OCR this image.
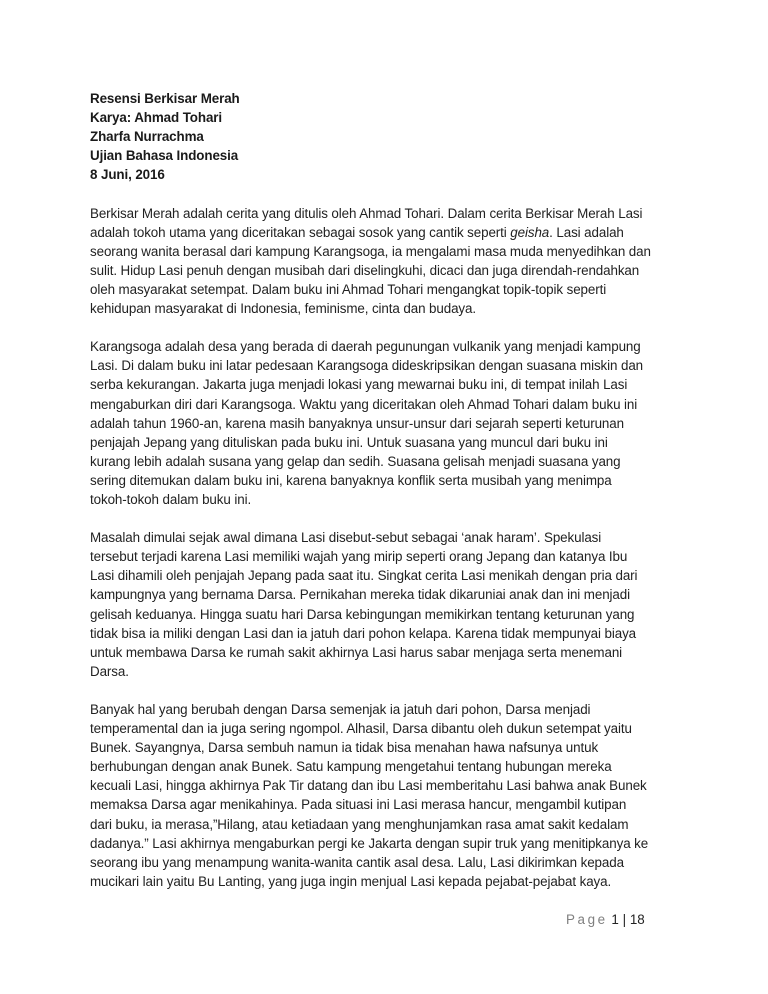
Resensi Berkisar Merah
Karya: Ahmad Tohari
Zharfa Nurrachma
Ujian Bahasa Indonesia
8 Juni, 2016
Berkisar Merah adalah cerita yang ditulis oleh Ahmad Tohari. Dalam cerita Berkisar Merah Lasi
adalah tokoh utama yang diceritakan sebagai sosok yang cantik seperti geisha. Lasi adalah
seorang wanita berasal dari kampung Karangsoga, ia mengalami masa muda menyedihkan dan
sulit. Hidup Lasi penuh dengan musibah dari diselingkuhi, dicaci dan juga direndah-rendahkan
oleh masyarakat setempat. Dalam buku ini Ahmad Tohari mengangkat topik-topik seperti
kehidupan masyarakat di Indonesia, feminisme, cinta dan budaya.
Karangsoga adalah desa yang berada di daerah pegunungan vulkanik yang menjadi kampung
Lasi. Di dalam buku ini latar pedesaan Karangsoga dideskripsikan dengan suasana miskin dan
serba kekurangan. Jakarta juga menjadi lokasi yang mewarnai buku ini, di tempat inilah Lasi
mengaburkan diri dari Karangsoga. Waktu yang diceritakan oleh Ahmad Tohari dalam buku ini
adalah tahun 1960-an, karena masih banyaknya unsur-unsur dari sejarah seperti keturunan
penjajah Jepang yang dituliskan pada buku ini. Untuk suasana yang muncul dari buku ini
kurang lebih adalah susana yang gelap dan sedih. Suasana gelisah menjadi suasana yang
sering ditemukan dalam buku ini, karena banyaknya konflik serta musibah yang menimpa
tokoh-tokoh dalam buku ini.
Masalah dimulai sejak awal dimana Lasi disebut-sebut sebagai ‘anak haram’. Spekulasi
tersebut terjadi karena Lasi memiliki wajah yang mirip seperti orang Jepang dan katanya Ibu
Lasi dihamili oleh penjajah Jepang pada saat itu. Singkat cerita Lasi menikah dengan pria dari
kampungnya yang bernama Darsa. Pernikahan mereka tidak dikaruniai anak dan ini menjadi
gelisah keduanya. Hingga suatu hari Darsa kebingungan memikirkan tentang keturunan yang
tidak bisa ia miliki dengan Lasi dan ia jatuh dari pohon kelapa. Karena tidak mempunyai biaya
untuk membawa Darsa ke rumah sakit akhirnya Lasi harus sabar menjaga serta menemani
Darsa.
Banyak hal yang berubah dengan Darsa semenjak ia jatuh dari pohon, Darsa menjadi
temperamental dan ia juga sering ngompol. Alhasil, Darsa dibantu oleh dukun setempat yaitu
Bunek. Sayangnya, Darsa sembuh namun ia tidak bisa menahan hawa nafsunya untuk
berhubungan dengan anak Bunek. Satu kampung mengetahui tentang hubungan mereka
kecuali Lasi, hingga akhirnya Pak Tir datang dan ibu Lasi memberitahu Lasi bahwa anak Bunek
memaksa Darsa agar menikahinya. Pada situasi ini Lasi merasa hancur, mengambil kutipan
dari buku, ia merasa,”Hilang, atau ketiadaan yang menghunjamkan rasa amat sakit kedalam
dadanya.” Lasi akhirnya mengaburkan pergi ke Jakarta dengan supir truk yang menitipkanya ke
seorang ibu yang menampung wanita-wanita cantik asal desa. Lalu, Lasi dikirimkan kepada
mucikari lain yaitu Bu Lanting, yang juga ingin menjual Lasi kepada pejabat-pejabat kaya.
Page 1 | 18
